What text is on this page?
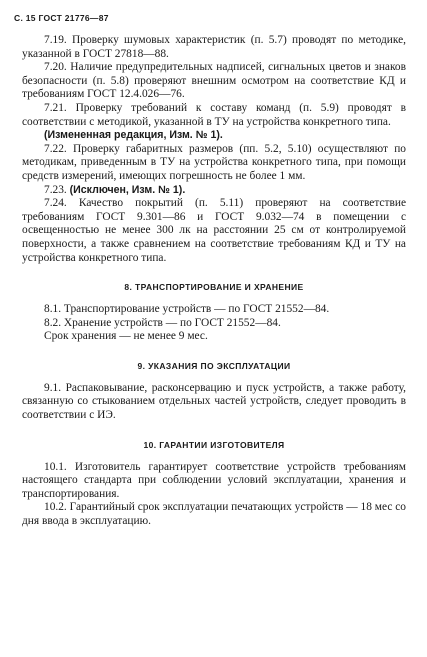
С. 15 ГОСТ 21776—87

7.19. Проверку шумовых характеристик (п. 5.7) проводят по методике, указанной в ГОСТ 27818—88.

7.20. Наличие предупредительных надписей, сигнальных цветов и знаков безопасности (п. 5.8) проверяют внешним осмотром на соответствие КД и требованиям ГОСТ 12.4.026—76.

7.21. Проверку требований к составу команд (п. 5.9) проводят в соответствии с методикой, указанной в ТУ на устройства конкретного типа.

(Измененная редакция, Изм. № 1).

7.22. Проверку габаритных размеров (пп. 5.2, 5.10) осуществляют по методикам, приведенным в ТУ на устройства конкретного типа, при помощи средств измерений, имеющих погрешность не более 1 мм.

7.23. (Исключен, Изм. № 1).

7.24. Качество покрытий (п. 5.11) проверяют на соответствие требованиям ГОСТ 9.301—86 и ГОСТ 9.032—74 в помещении с освещенностью не менее 300 лк на расстоянии 25 см от контролируемой поверхности, а также сравнением на соответствие требованиям КД и ТУ на устройства конкретного типа.

8. ТРАНСПОРТИРОВАНИЕ И ХРАНЕНИЕ

8.1. Транспортирование устройств — по ГОСТ 21552—84.

8.2. Хранение устройств — по ГОСТ 21552—84.

Срок хранения — не менее 9 мес.

9. УКАЗАНИЯ ПО ЭКСПЛУАТАЦИИ

9.1. Распаковывание, расконсервацию и пуск устройств, а также работу, связанную со стыкованием отдельных частей устройств, следует проводить в соответствии с ИЭ.

10. ГАРАНТИИ ИЗГОТОВИТЕЛЯ

10.1. Изготовитель гарантирует соответствие устройств требованиям настоящего стандарта при соблюдении условий эксплуатации, хранения и транспортирования.

10.2. Гарантийный срок эксплуатации печатающих устройств — 18 мес со дня ввода в эксплуатацию.
